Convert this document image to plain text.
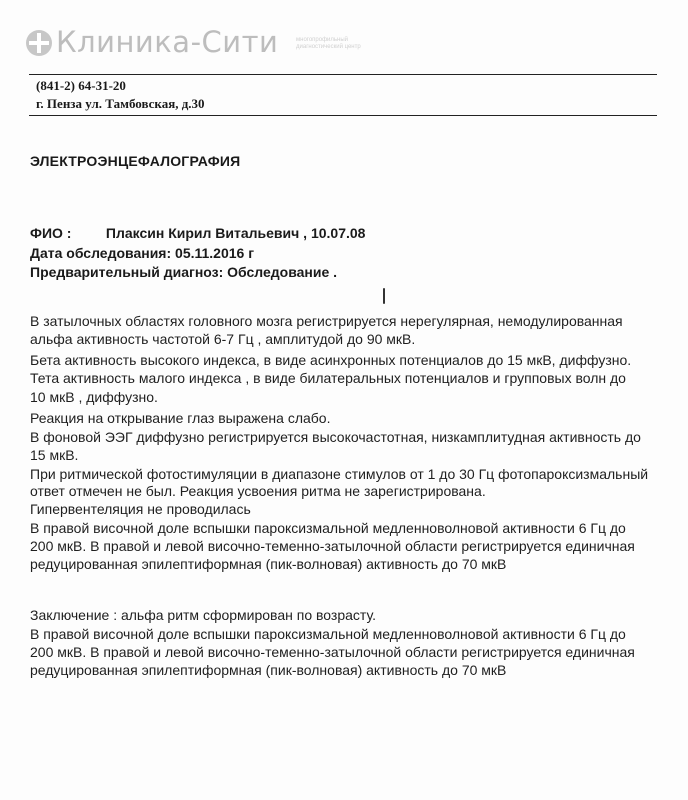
Клиника-Сити	многопрофильный диагностический центр
(841-2) 64-31-20
г. Пенза ул. Тамбовская, д.30
ЭЛЕКТРОЭНЦЕФАЛОГРАФИЯ
ФИО : Плаксин Кирил Витальевич , 10.07.08
Дата обследования: 05.11.2016 г
Предварительный диагноз: Обследование .
В затылочных областях головного мозга регистрируется нерегулярная, немодулированная
альфа активность частотой 6-7 Гц , амплитудой до 90 мкВ.
Бета активность высокого индекса, в виде асинхронных потенциалов до 15 мкВ, диффузно.
Тета активность малого индекса , в виде билатеральных потенциалов и групповых волн до
10 мкВ , диффузно.
Реакция на открывание глаз выражена слабо.
В фоновой ЭЭГ диффузно регистрируется высокочастотная, низкамплитудная активность до
15 мкВ.
При ритмической фотостимуляции в диапазоне стимулов от 1 до 30 Гц фотопароксизмальный
ответ отмечен не был. Реакция усвоения ритма не зарегистрирована.
Гипервентеляция не проводилась
В правой височной доле вспышки пароксизмальной медленноволновой активности 6 Гц до
200 мкВ. В правой и левой височно-теменно-затылочной области регистрируется единичная
редуцированная эпилептиформная (пик-волновая) активность до 70 мкВ
Заключение : альфа ритм сформирован по возрасту.
В правой височной доле вспышки пароксизмальной медленноволновой активности 6 Гц до
200 мкВ. В правой и левой височно-теменно-затылочной области регистрируется единичная
редуцированная эпилептиформная (пик-волновая) активность до 70 мкВ
